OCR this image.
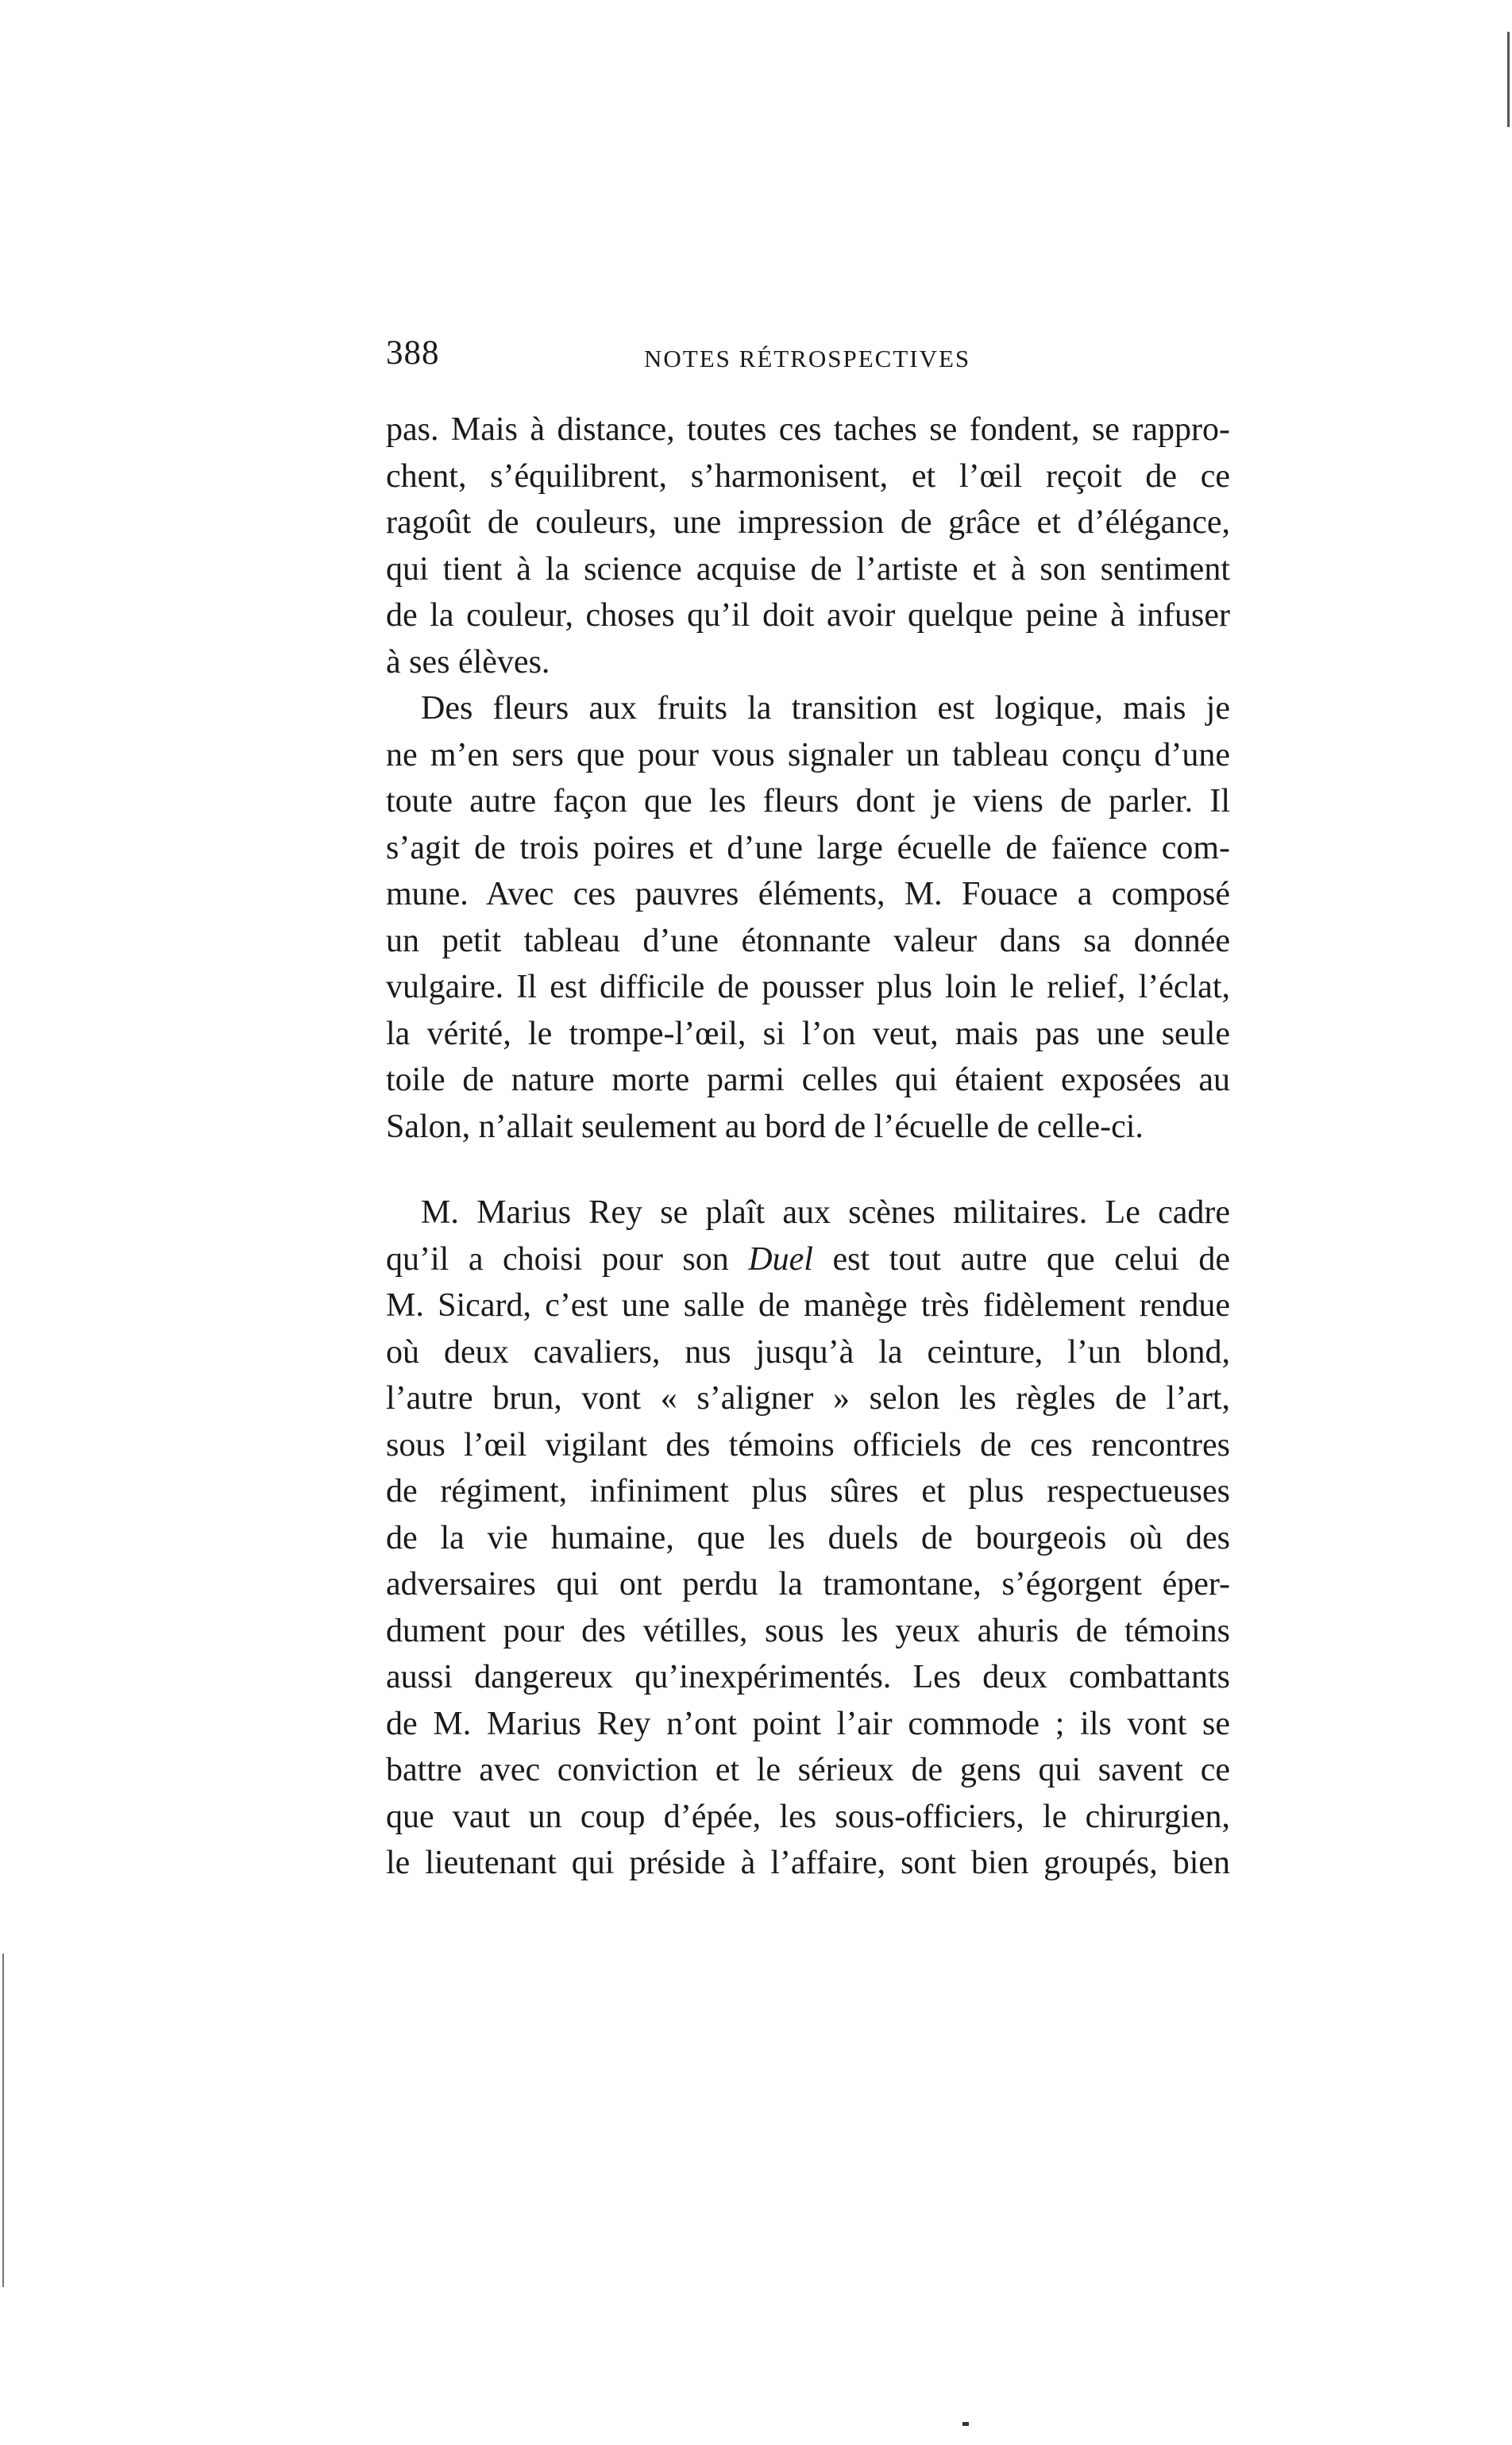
388	NOTES RÉTROSPECTIVES
pas. Mais à distance, toutes ces taches se fondent, se rappro-
chent, s’équilibrent, s’harmonisent, et l’œil reçoit de ce
ragoût de couleurs, une impression de grâce et d’élégance,
qui tient à la science acquise de l’artiste et à son sentiment
de la couleur, choses qu’il doit avoir quelque peine à infuser
à ses élèves.
Des fleurs aux fruits la transition est logique, mais je
ne m’en sers que pour vous signaler un tableau conçu d’une
toute autre façon que les fleurs dont je viens de parler. Il
s’agit de trois poires et d’une large écuelle de faïence com-
mune. Avec ces pauvres éléments, M. Fouace a composé
un petit tableau d’une étonnante valeur dans sa donnée
vulgaire. Il est difficile de pousser plus loin le relief, l’éclat,
la vérité, le trompe-l’œil, si l’on veut, mais pas une seule
toile de nature morte parmi celles qui étaient exposées au
Salon, n’allait seulement au bord de l’écuelle de celle-ci.
M. Marius Rey se plaît aux scènes militaires. Le cadre
qu’il a choisi pour son Duel est tout autre que celui de
M. Sicard, c’est une salle de manège très fidèlement rendue
où deux cavaliers, nus jusqu’à la ceinture, l’un blond,
l’autre brun, vont « s’aligner » selon les règles de l’art,
sous l’œil vigilant des témoins officiels de ces rencontres
de régiment, infiniment plus sûres et plus respectueuses
de la vie humaine, que les duels de bourgeois où des
adversaires qui ont perdu la tramontane, s’égorgent éper-
dument pour des vétilles, sous les yeux ahuris de témoins
aussi dangereux qu’inexpérimentés. Les deux combattants
de M. Marius Rey n’ont point l’air commode ; ils vont se
battre avec conviction et le sérieux de gens qui savent ce
que vaut un coup d’épée, les sous-officiers, le chirurgien,
le lieutenant qui préside à l’affaire, sont bien groupés, bien
